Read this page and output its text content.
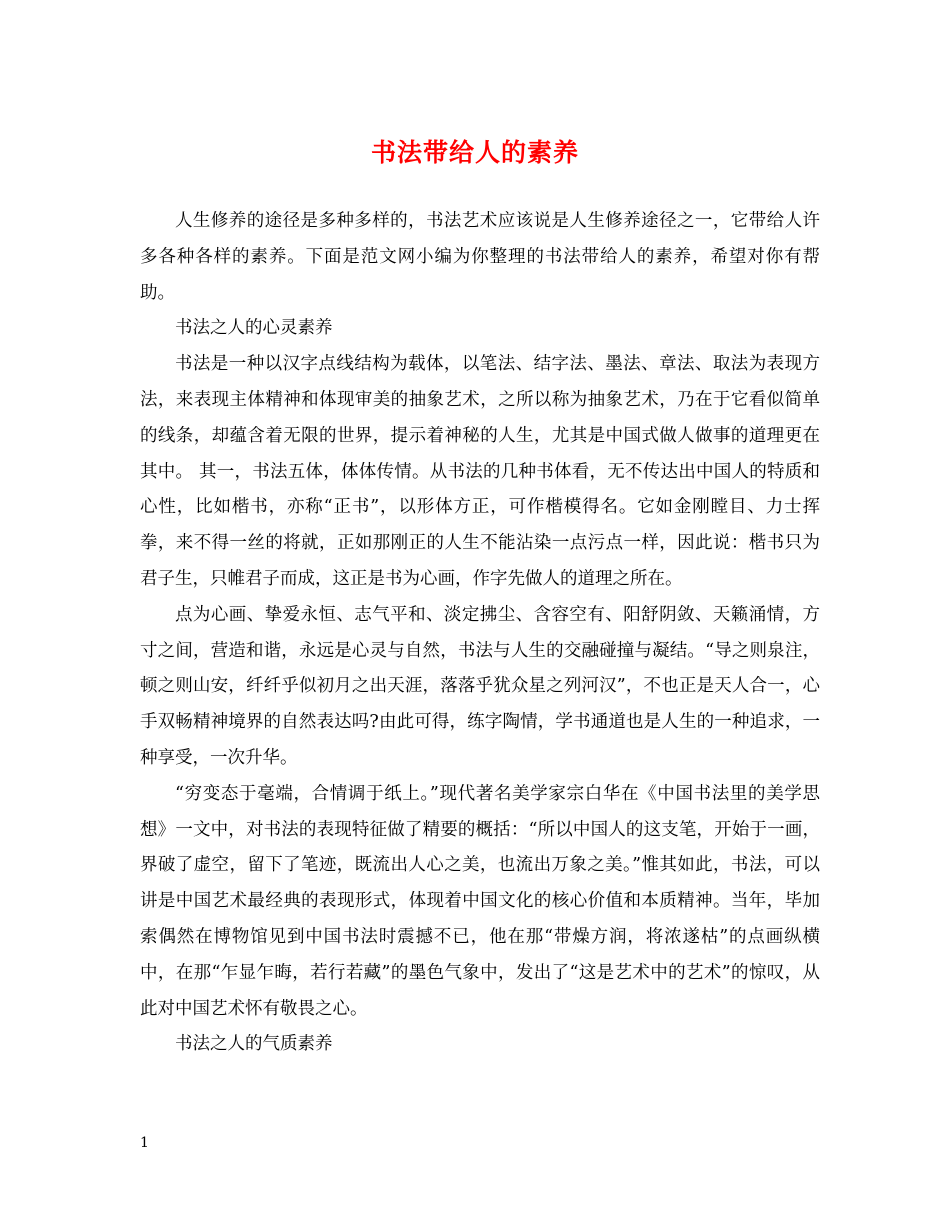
书法带给人的素养

人生修养的途径是多种多样的，书法艺术应该说是人生修养途径之一，它带给人许多各种各样的素养。下面是范文网小编为你整理的书法带给人的素养，希望对你有帮助。

书法之人的心灵素养

书法是一种以汉字点线结构为载体，以笔法、结字法、墨法、章法、取法为表现方法，来表现主体精神和体现审美的抽象艺术，之所以称为抽象艺术，乃在于它看似简单的线条，却蕴含着无限的世界，提示着神秘的人生，尤其是中国式做人做事的道理更在其中。 其一，书法五体，体体传情。从书法的几种书体看，无不传达出中国人的特质和心性，比如楷书，亦称“正书”，以形体方正，可作楷模得名。它如金刚瞠目、力士挥拳，来不得一丝的将就，正如那刚正的人生不能沾染一点污点一样，因此说：楷书只为君子生，只帷君子而成，这正是书为心画，作字先做人的道理之所在。

点为心画、挚爱永恒、志气平和、淡定拂尘、含容空有、阳舒阴敛、天籁涌情，方寸之间，营造和谐，永远是心灵与自然，书法与人生的交融碰撞与凝结。“导之则泉注，顿之则山安，纤纤乎似初月之出天涯，落落乎犹众星之列河汉”，不也正是天人合一，心手双畅精神境界的自然表达吗?由此可得，练字陶情，学书通道也是人生的一种追求，一种享受，一次升华。

“穷变态于毫端，合情调于纸上。”现代著名美学家宗白华在《中国书法里的美学思想》一文中，对书法的表现特征做了精要的概括：“所以中国人的这支笔，开始于一画，界破了虚空，留下了笔迹，既流出人心之美，也流出万象之美。”惟其如此，书法，可以讲是中国艺术最经典的表现形式，体现着中国文化的核心价值和本质精神。当年，毕加索偶然在博物馆见到中国书法时震撼不已，他在那“带燥方润，将浓遂枯”的点画纵横中，在那“乍显乍晦，若行若藏”的墨色气象中，发出了“这是艺术中的艺术”的惊叹，从此对中国艺术怀有敬畏之心。

书法之人的气质素养

1
